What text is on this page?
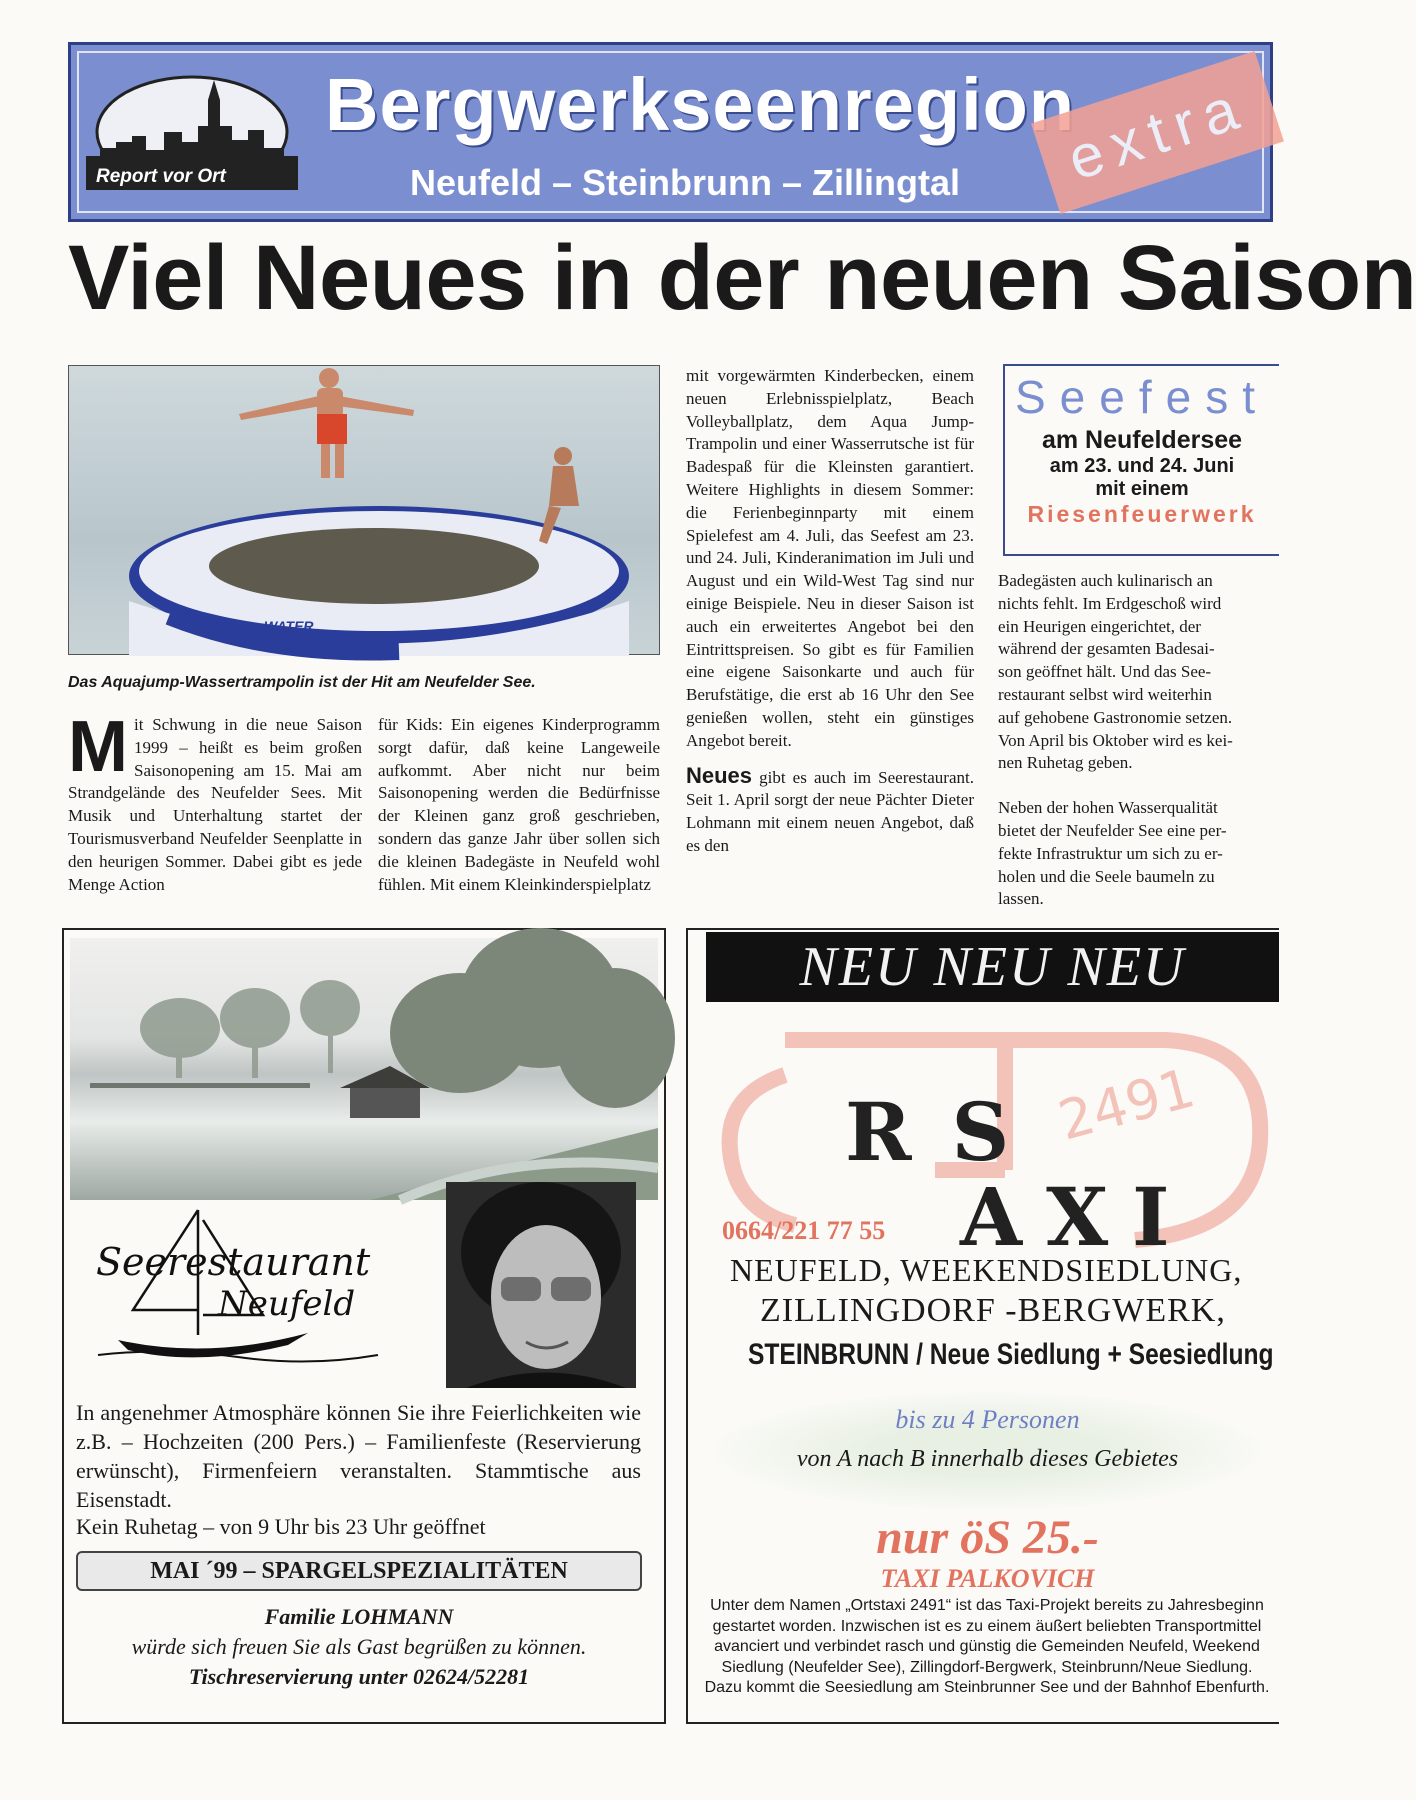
Report vor Ort
Bergwerkseenregion
Neufeld – Steinbrunn – Zillingtal	extra
Viel Neues in der neuen Saison
WATER
Das Aquajump-Wassertrampolin ist der Hit am Neufelder See.
Mit Schwung in die neue Saison 1999 – heißt es beim großen Saisonopening am 15. Mai am Strandgelände des Neufelder Sees. Mit Musik und Unterhaltung startet der Tourismusverband Neufelder Seenplatte in den heurigen Sommer. Dabei gibt es jede Menge Action
für Kids: Ein eigenes Kinderprogramm sorgt dafür, daß keine Langeweile aufkommt. Aber nicht nur beim Saisonopening werden die Bedürfnisse der Kleinen ganz groß geschrieben, sondern das ganze Jahr über sollen sich die kleinen Badegäste in Neufeld wohl fühlen. Mit einem Kleinkinderspielplatz
mit vorgewärmten Kinderbecken, einem neuen Erlebnisspielplatz, Beach Volleyballplatz, dem Aqua Jump-Trampolin und einer Wasserrutsche ist für Badespaß für die Kleinsten garantiert. Weitere Highlights in diesem Sommer: die Ferienbeginnparty mit einem Spielefest am 4. Juli, das Seefest am 23. und 24. Juli, Kinderanimation im Juli und August und ein Wild-West Tag sind nur einige Beispiele. Neu in dieser Saison ist auch ein erweitertes Angebot bei den Eintrittspreisen. So gibt es für Familien eine eigene Saisonkarte und auch für Berufstätige, die erst ab 16 Uhr den See genießen wollen, steht ein günstiges Angebot bereit.
Neues gibt es auch im Seerestaurant. Seit 1. April sorgt der neue Pächter Dieter Lohmann mit einem neuen Angebot, daß es den
Seefest
am Neufeldersee
am 23. und 24. Juni
mit einem
Riesenfeuerwerk
Badegästen auch kulinarisch an
nichts fehlt. Im Erdgeschoß wird
ein Heurigen eingerichtet, der
während der gesamten Badesai-
son geöffnet hält. Und das See-
restaurant selbst wird weiterhin
auf gehobene Gastronomie setzen.
Von April bis Oktober wird es kei-
nen Ruhetag geben.
Neben der hohen Wasserqualität
bietet der Neufelder See eine per-
fekte Infrastruktur um sich zu er-
holen und die Seele baumeln zu
lassen.
Seerestaurant
Neufeld
In angenehmer Atmosphäre können Sie ihre Feierlichkeiten wie z.B. – Hochzeiten (200 Pers.) – Familienfeste (Reservierung erwünscht), Firmenfeiern veranstalten. Stammtische aus Eisenstadt.
Kein Ruhetag – von 9 Uhr bis 23 Uhr geöffnet
MAI ´99 – SPARGELSPEZIALITÄTEN
Familie LOHMANN
würde sich freuen Sie als Gast begrüßen zu können.
Tischreservierung unter 02624/52281
NEU NEU NEU
RS
AXI
2491
0664/221 77 55
NEUFELD, WEEKENDSIEDLUNG,
ZILLINGDORF -BERGWERK,
STEINBRUNN / Neue Siedlung + Seesiedlung
bis zu 4 Personen
von A nach B innerhalb dieses Gebietes
nur öS 25.-
TAXI PALKOVICH
Unter dem Namen „Ortstaxi 2491“ ist das Taxi-Projekt bereits zu Jahresbeginn gestartet worden. Inzwischen ist es zu einem äußert beliebten Transportmittel avanciert und verbindet rasch und günstig die Gemeinden Neufeld, Weekend Siedlung (Neufelder See), Zillingdorf-Bergwerk, Steinbrunn/Neue Siedlung. Dazu kommt die Seesiedlung am Steinbrunner See und der Bahnhof Ebenfurth.
